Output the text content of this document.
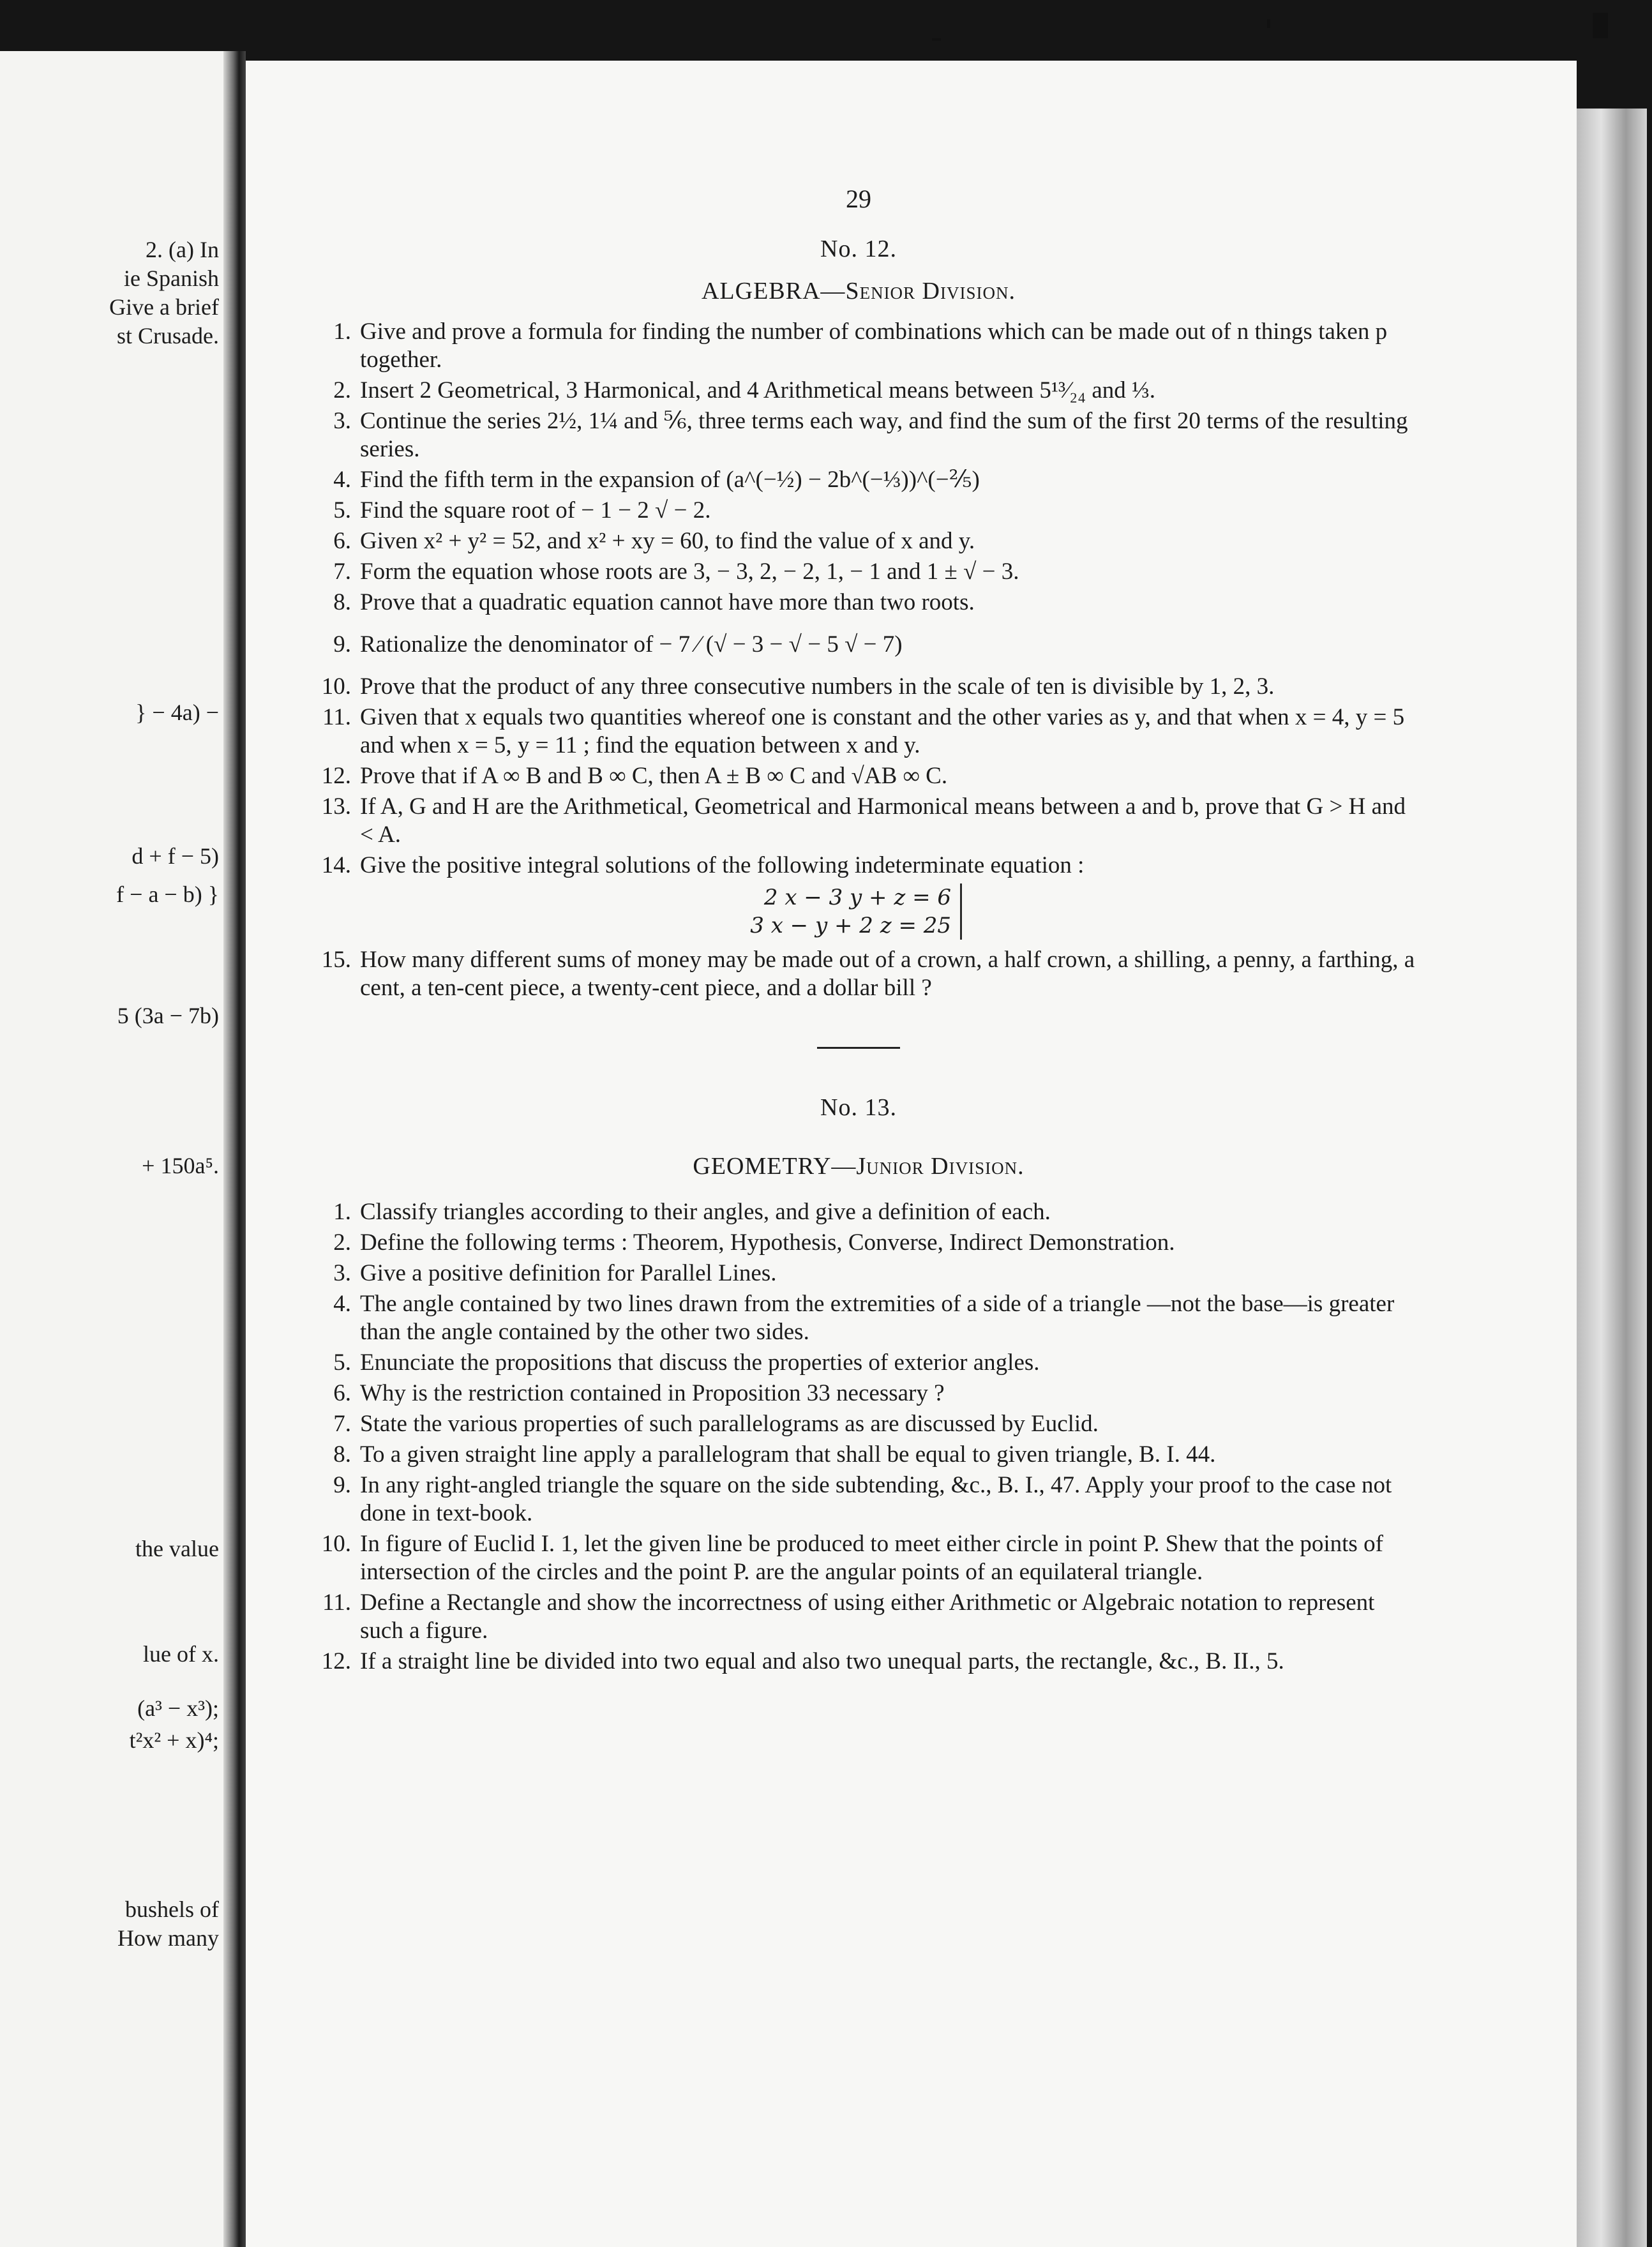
2. (a) In
ie Spanish
Give a brief
st Crusade.
} − 4a) −
d + f − 5)
f − a − b) }
5 (3a − 7b)
+ 150a⁵.
the value
lue of x.
(a³ − x³);
t²x² + x)⁴;
bushels of
How many
29
No. 12.
ALGEBRA—Senior Division.
1. Give and prove a formula for finding the number of combinations which can be made out of n things taken p together.
2. Insert 2 Geometrical, 3 Harmonical, and 4 Arithmetical means between 5¹³⁄₂₄ and ⅓.
3. Continue the series 2½, 1¼ and ⅚, three terms each way, and find the sum of the first 20 terms of the resulting series.
4. Find the fifth term in the expansion of (a^(−½) − 2b^(−⅓))^(−⅖)
5. Find the square root of − 1 − 2 √ − 2.
6. Given x² + y² = 52, and x² + xy = 60, to find the value of x and y.
7. Form the equation whose roots are 3, − 3, 2, − 2, 1, − 1 and 1 ± √ − 3.
8. Prove that a quadratic equation cannot have more than two roots.
9. Rationalize the denominator of − 7 ⁄ (√ − 3 − √ − 5 √ − 7)
10. Prove that the product of any three consecutive numbers in the scale of ten is divisible by 1, 2, 3.
11. Given that x equals two quantities whereof one is constant and the other varies as y, and that when x = 4, y = 5 and when x = 5, y = 11 ; find the equation between x and y.
12. Prove that if A ∞ B and B ∞ C, then A ± B ∞ C and √AB ∞ C.
13. If A, G and H are the Arithmetical, Geometrical and Harmonical means between a and b, prove that G > H and < A.
14. Give the positive integral solutions of the following indeterminate equation :
2 x − 3 y + z = 6
3 x − y + 2 z = 25
15. How many different sums of money may be made out of a crown, a half crown, a shilling, a penny, a farthing, a cent, a ten-cent piece, a twenty-cent piece, and a dollar bill ?
No. 13.
GEOMETRY—Junior Division.
1. Classify triangles according to their angles, and give a definition of each.
2. Define the following terms : Theorem, Hypothesis, Converse, Indirect Demonstration.
3. Give a positive definition for Parallel Lines.
4. The angle contained by two lines drawn from the extremities of a side of a triangle —not the base—is greater than the angle contained by the other two sides.
5. Enunciate the propositions that discuss the properties of exterior angles.
6. Why is the restriction contained in Proposition 33 necessary ?
7. State the various properties of such parallelograms as are discussed by Euclid.
8. To a given straight line apply a parallelogram that shall be equal to given triangle, B. I. 44.
9. In any right-angled triangle the square on the side subtending, &c., B. I., 47. Apply your proof to the case not done in text-book.
10. In figure of Euclid I. 1, let the given line be produced to meet either circle in point P. Shew that the points of intersection of the circles and the point P. are the angular points of an equilateral triangle.
11. Define a Rectangle and show the incorrectness of using either Arithmetic or Algebraic notation to represent such a figure.
12. If a straight line be divided into two equal and also two unequal parts, the rectangle, &c., B. II., 5.
